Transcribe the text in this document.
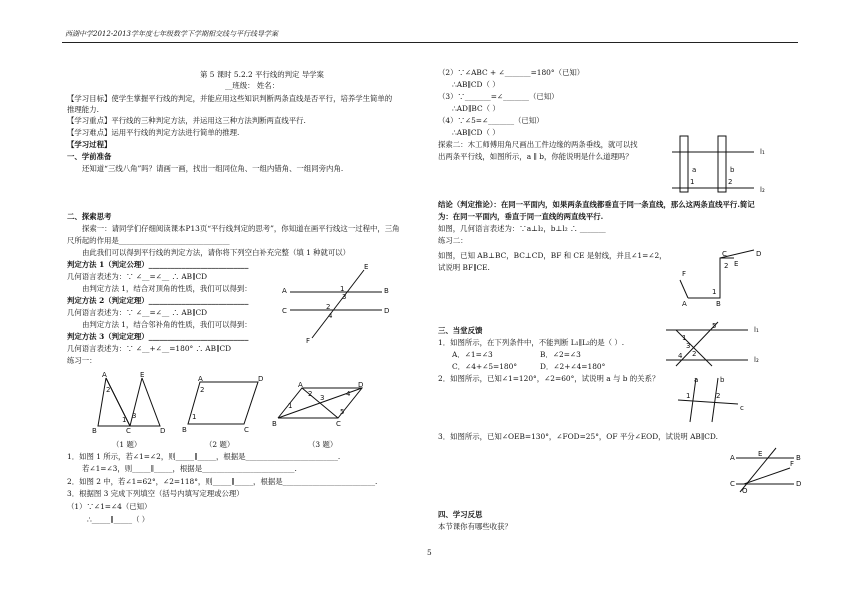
西湖中学2012-2013学年度七年级数学下学期相交线与平行线导学案
第 5 课时 5.2.2 平行线的判定 导学案
__班级： 姓名：
【学习目标】使学生掌握平行线的判定，并能应用这些知识判断两条直线是否平行，培养学生简单的
推理能力.
【学习重点】平行线的三种判定方法，并运用这三种方法判断两直线平行.
【学习难点】运用平行线的判定方法进行简单的推理.
【学习过程】
一、学前准备
还知道“三线八角”吗？请画一画，找出一组同位角、一组内错角、一组同旁内角.
二、探索思考
探索一：请同学们仔细阅读课本P13页“平行线判定的思考”，你知道在画平行线这一过程中，三角
尺所起的作用是______________________________
由此我们可以得到平行线的判定方法，请你将下列空白补充完整（填 1 种就可以）
判定方法 1（判定公理）___________________________
几何语言表述为：∵ ∠__=∠__ ∴ AB∥CD
由判定方法 1，结合对顶角的性质，我们可以得到：
判定方法 2（判定定理）___________________________
几何语言表述为：∵ ∠__=∠__ ∴ AB∥CD
由判定方法 1，结合邻补角的性质，我们可以得到：
判定方法 3（判定定理）___________________________
几何语言表述为：∵ ∠__+∠__=180° ∴ AB∥CD
练习一：
A	B
C	D
E
F
1
3
2
4
A	E
B	C	D
2
3
1
A	D
B	C
1
2
A	D
B	C
1
2 3	4
5
（1 题）	（2 题）	（3 题）
1．如图 1 所示，若∠1=∠2，则_____∥_____，根据是_________________________.
若∠1=∠3，则_____∥_____，根据是_________________________.
2．如图 2 中，若∠1=62°，∠2=118°，则_____∥_____，根据是_________________________.
3．根据图 3 完成下列填空（括号内填写定理或公理）
（1）∵∠1=∠4（已知）
∴_____∥_____（ ）
（2）∵∠ABC + ∠_______=180°（已知）
∴AB∥CD（ ）
（3）∵_______=∠_______（已知）
∴AD∥BC（ ）
（4）∵∠5=∠_______（已知）
∴AB∥CD（ ）
探索二：木工师傅用角尺画出工件边缘的两条垂线，就可以找
出两条平行线，如图所示，a ∥ b，你能说明是什么道理吗？
a	b
l₁
l₂
1	2
结论（判定推论）：在同一平面内，如果两条直线都垂直于同一条直线，那么这两条直线平行.简记
为：在同一平面内，垂直于同一直线的两直线平行.
如图，几何语言表述为：∵a⊥l₂，b⊥l₂ ∴ _______
练习二：
如图，已知 AB⊥BC，BC⊥CD，BF 和 CE 是射线，并且∠1=∠2，
试说明 BF∥CE.
F
A	B
C
E
D
1
2
三、当堂反馈
1．如图所示，在下列条件中，不能判断 L₁∥L₂的是（ ）.
A．∠1=∠3	B．∠2=∠3
C．∠4+∠5=180°	D．∠2+∠4=180°
l₁
l₂
1
2
3
4
5
2．如图所示，已知∠1=120°，∠2=60°，试说明 a 与 b 的关系？	a	b
c
1	2
3．如图所示，已知∠OEB=130°，∠FOD=25°，OF 平分∠EOD，试说明 AB∥CD.
A	B
C	D
E
F
O
四、学习反思
本节课你有哪些收获？
5
